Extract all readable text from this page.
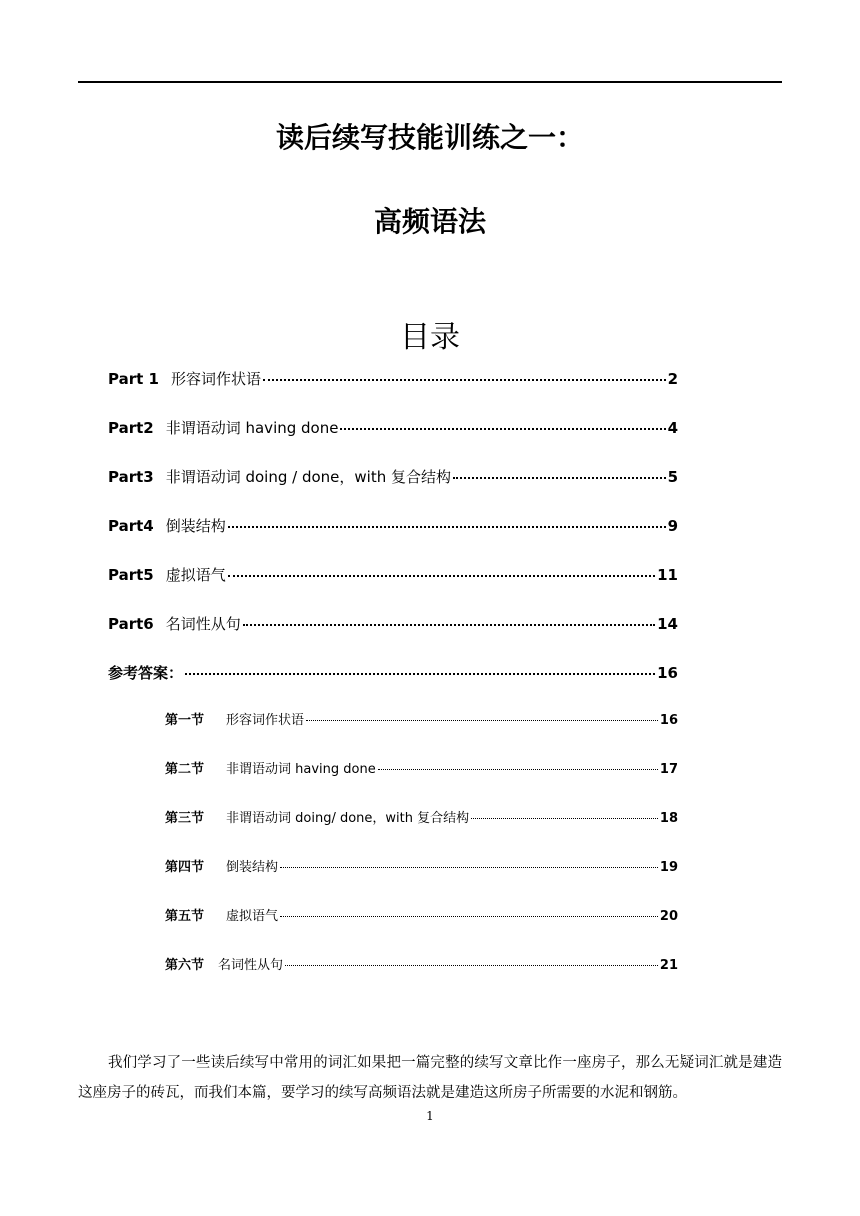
读后续写技能训练之一：
高频语法
目录
Part 1 形容词作状语	2
Part2 非谓语动词 having done	4
Part3 非谓语动词 doing / done，with 复合结构	5
Part4 倒装结构	9
Part5 虚拟语气	11
Part6 名词性从句	14
参考答案：	16
第一节 形容词作状语	16
第二节 非谓语动词 having done	17
第三节 非谓语动词 doing/ done，with 复合结构	18
第四节 倒装结构	19
第五节 虚拟语气	20
第六节 名词性从句	21
我们学习了一些读后续写中常用的词汇如果把一篇完整的续写文章比作一座房子，那么无疑词汇就是建造这座房子的砖瓦，而我们本篇，要学习的续写高频语法就是建造这所房子所需要的水泥和钢筋。
1
